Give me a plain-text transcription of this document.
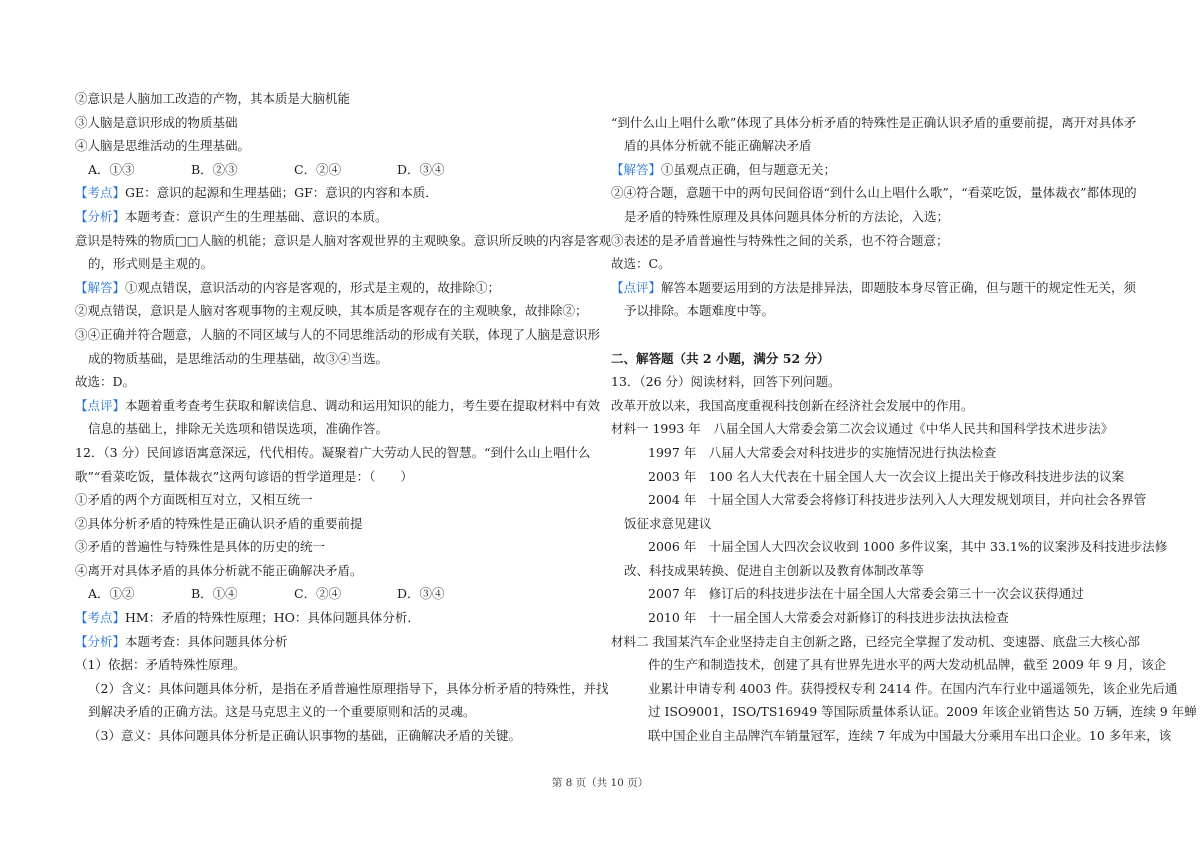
②意识是人脑加工改造的产物，其本质是大脑机能
③人脑是意识形成的物质基础
④人脑是思维活动的生理基础。
A．①③	B．②③	C．②④	D．③④
【考点】GE：意识的起源和生理基础；GF：意识的内容和本质．
【分析】本题考查：意识产生的生理基础、意识的本质。
意识是特殊的物质□□人脑的机能；意识是人脑对客观世界的主观映象。意识所反映的内容是客观
的，形式则是主观的。
【解答】①观点错误，意识活动的内容是客观的，形式是主观的，故排除①；
②观点错误，意识是人脑对客观事物的主观反映，其本质是客观存在的主观映象，故排除②；
③④正确并符合题意，人脑的不同区域与人的不同思维活动的形成有关联，体现了人脑是意识形
成的物质基础，是思维活动的生理基础，故③④当选。
故选：D。
【点评】本题着重考查考生获取和解读信息、调动和运用知识的能力，考生要在提取材料中有效
信息的基础上，排除无关选项和错误选项，准确作答。
12．（3 分）民间谚语寓意深远，代代相传。凝聚着广大劳动人民的智慧。“到什么山上唱什么
歌”“看菜吃饭，量体裁衣”这两句谚语的哲学道理是：（　　）
①矛盾的两个方面既相互对立，又相互统一
②具体分析矛盾的特殊性是正确认识矛盾的重要前提
③矛盾的普遍性与特殊性是具体的历史的统一
④离开对具体矛盾的具体分析就不能正确解决矛盾。
A．①②	B．①④	C．②④	D．③④
【考点】HM：矛盾的特殊性原理；HO：具体问题具体分析．
【分析】本题考查：具体问题具体分析
（1）依据：矛盾特殊性原理。
（2）含义：具体问题具体分析，是指在矛盾普遍性原理指导下，具体分析矛盾的特殊性，并找
到解决矛盾的正确方法。这是马克思主义的一个重要原则和活的灵魂。
（3）意义：具体问题具体分析是正确认识事物的基础，正确解决矛盾的关键。
“到什么山上唱什么歌”体现了具体分析矛盾的特殊性是正确认识矛盾的重要前提，离开对具体矛
盾的具体分析就不能正确解决矛盾
【解答】①虽观点正确，但与题意无关；
②④符合题，意题干中的两句民间俗语“到什么山上唱什么歌”，“看菜吃饭，量体裁衣”都体现的
是矛盾的特殊性原理及具体问题具体分析的方法论，入选；
③表述的是矛盾普遍性与特殊性之间的关系，也不符合题意；
故选：C。
【点评】解答本题要运用到的方法是排异法，即题肢本身尽管正确，但与题干的规定性无关，须
予以排除。本题难度中等。
二、解答题（共 2 小题，满分 52 分）
13．（26 分）阅读材料，回答下列问题。
改革开放以来，我国高度重视科技创新在经济社会发展中的作用。
材料一 1993 年　八届全国人大常委会第二次会议通过《中华人民共和国科学技术进步法》
1997 年　八届人大常委会对科技进步的实施情况进行执法检查
2003 年　100 名人大代表在十届全国人大一次会议上提出关于修改科技进步法的议案
2004 年　十届全国人大常委会将修订科技进步法列入人大理发规划项目，并向社会各界管
饭征求意见建议
2006 年　十届全国人大四次会议收到 1000 多件议案，其中 33.1%的议案涉及科技进步法修
改、科技成果转换、促进自主创新以及教育体制改革等
2007 年　修订后的科技进步法在十届全国人大常委会第三十一次会议获得通过
2010 年　十一届全国人大常委会对新修订的科技进步法执法检查
材料二 我国某汽车企业坚持走自主创新之路，已经完全掌握了发动机、变速器、底盘三大核心部
件的生产和制造技术，创建了具有世界先进水平的两大发动机品牌，截至 2009 年 9 月，该企
业累计申请专利 4003 件。获得授权专利 2414 件。在国内汽车行业中遥遥领先，该企业先后通
过 ISO9001，ISO/TS16949 等国际质量体系认证。2009 年该企业销售达 50 万辆，连续 9 年蝉
联中国企业自主品牌汽车销量冠军，连续 7 年成为中国最大分乘用车出口企业。10 多年来，该
第 8 页（共 10 页）
